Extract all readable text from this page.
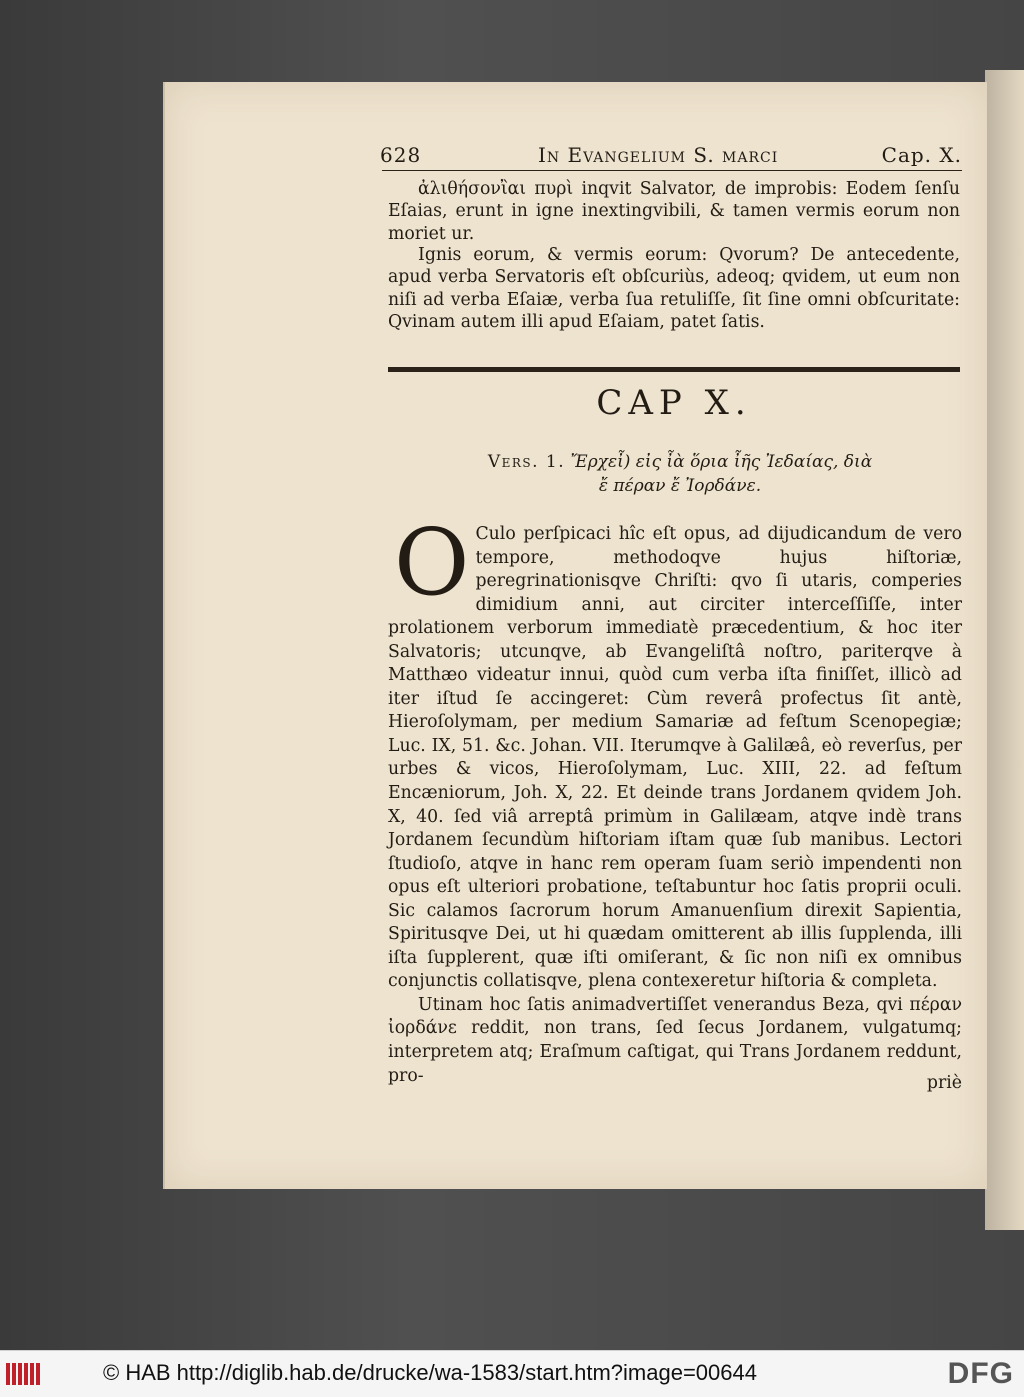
628	In Evangelium S. marci	Cap. X.
ἀλιθήσονἲαι πυρὶ inqvit Salvator, de improbis: Eodem ſenſu Eſaias, erunt in igne inextingvibili, & tamen vermis eorum non moriet ur.
Ignis eorum, & vermis eorum: Qvorum? De antecedente, apud verba Servatoris eſt obſcuriùs, adeoq; qvidem, ut eum non niſi ad verba Eſaiæ, verba ſua retuliſſe, ſit ſine omni obſcuritate: Qvinam autem illi apud Eſaiam, patet ſatis.
CAP X.
Vers. 1. Ἔρχεἶ) εἰς ἶὰ ὅρια ἶῆς Ἰεδαίας, διὰ
ἔ πέραν ἔ Ἰορδάνε.
O Culo perſpicaci hîc eſt opus, ad dijudicandum de vero tempore, methodoqve hujus hiſtoriæ, peregrinationisqve Chriſti: qvo ſi utaris, comperies dimidium anni, aut circiter interceſſiſſe, inter prolationem verborum immediatè præcedentium, & hoc iter Salvatoris; utcunqve, ab Evangeliſtâ noſtro, pariterqve à Matthæo videatur innui, quòd cum verba iſta finiſſet, illicò ad iter iſtud ſe accingeret: Cùm reverâ profectus ſit antè, Hieroſolymam, per medium Samariæ ad feſtum Scenopegiæ; Luc. IX, 51. &c. Johan. VII. Iterumqve à Galilæâ, eò reverſus, per urbes & vicos, Hieroſolymam, Luc. XIII, 22. ad feſtum Encæniorum, Joh. X, 22. Et deinde trans Jordanem qvidem Joh. X, 40. ſed viâ arreptâ primùm in Galilæam, atqve indè trans Jordanem ſecundùm hiſtoriam iſtam quæ ſub manibus. Lectori ſtudioſo, atqve in hanc rem operam ſuam seriò impendenti non opus eſt ulteriori probatione, teſtabuntur hoc ſatis proprii oculi. Sic calamos ſacrorum horum Amanuenſium direxit Sapientia, Spiritusqve Dei, ut hi quædam omitterent ab illis ſupplenda, illi iſta ſupplerent, quæ iſti omiſerant, & ſic non niſi ex omnibus conjunctis collatisqve, plena contexeretur hiſtoria & completa.
Utinam hoc ſatis animadvertiſſet venerandus Beza, qvi πέραν ἰορδάνε reddit, non trans, ſed ſecus Jordanem, vulgatumq; interpretem atq; Eraſmum caſtigat, qui Trans Jordanem reddunt, pro-	priè
© HAB http://diglib.hab.de/drucke/wa-1583/start.htm?image=00644	DFG
